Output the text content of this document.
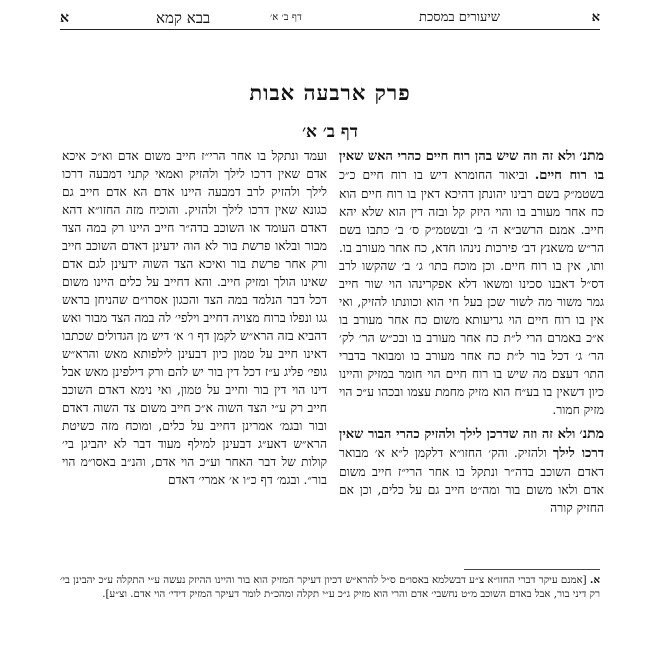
א
שיעורים במסכת
דף ב׳ א׳
בבא קמא
א
פרק ארבעה אבות
דף ב׳ א׳

מתנ׳ ולא זה וזה שיש בהן רוח חיים כהרי האש שאין בו רוח חיים. וביאור החומרא דיש בו רוח חיים כ״כ בשטמ״ק בשם רבינו יהונתן דהיכא דאין בו רוח חיים הוא כח אחר מעורב בו והוי היזק קל ובזה דין הוא שלא יהא חייב. אמנם הרשב״א ה׳ ב׳ ובשטמ״ק ס׳ ב׳ כתבו בשם הר״ש משאנץ דב׳ פירכות נינהו חדא, כח אחר מעורב בו. ותו, אין בו רוח חיים. וכן מוכח בתו׳ ג׳ ב׳ שהקשו לרב דס״ל דאבנו סכינו ומשאו דלא אפקרינהו הוי שור חייב גמר משור מה לשור שכן בעל חי הוא וכוונתו להזיק, ואי אין בו רוח חיים הוי גריעותא משום כח אחר מעורב בו א״כ באמרם הרי ל״ת כח אחר מעורב בו ובכ״ש הר׳ לק׳ הר׳ ג׳ דכל בור ל״ת כח אחר מעורב בו ומבואר בדברי התו׳ דעצם מה שיש בו רוח חיים הוי חומר במזיק והיינו כיון דשאין בו בע״ח הוא מזיק מחמת עצמו ובכהו ע״כ הוי מזיק חמור.

מתנ׳ ולא זה וזה שדרכן לילך ולהזיק כהרי הבור שאין דרכו לילך ולהזיק. והק׳ החזו״א דלקמן ל״א א׳ מבואר דאדם השוכב בדה״ר ונתקל בו אחר הרי״ז חייב משום אדם ולאו משום בור ומה״ט חייב גם על כלים, וכן אם החזיק קורה

ועמד ונתקל בו אחר הרי״ז חייב משום אדם וא״כ איכא אדם שאין דרכו לילך ולהזיק ואמאי קתני דמבעה דרכו לילך ולהזיק לרב דמבעה היינו אדם הא אדם חייב גם כגונא שאין דרכו לילך ולהזיק. והוכיח מזה החזו״א דהא דאדם העומד או השוכב בדה״ר חייב היינו רק במה הצד מבור ובלאו פרשת בור לא הוה ידעינן דאדם השוכב חייב ורק אחר פרשת בור ואיכא הצד השוה ידעינן לגם אדם שאינו הולך ומזיק חייב. והא דחייב על כלים היינו משום דכל דבר הנלמד במה הצד והכגון אסרו״ם שהניחן בראש גגו ונפלו ברוח מצויה דחייב וילפי׳ לה במה הצד מבור ואש דהביא בזה הרא״ש לקמן דף ו׳ א׳ דיש מן הגדולים שכתבו דאינו חייב על טמון כיון דבעינן לילפותא מאש והרא״ש גופי׳ פליג ע״ז דכל דין בור יש להם ורק דילפינן מאש אבל דינו הוי דין בור וחייב על טמון, ואי נימא דאדם השוכב חייב רק ע״י הצד השוה א״כ חייב משום צד השוה דאדם ובור ובגמ׳ אמרינן דחייב על כלים, ומוכח מזה כשיטת הרא״ש דאע״ג דבעינן למילף מעוד דבר לא יהביגן בי׳ קולות של דבר האחר וע״כ הוי אדם, והנ״ב באסו״מ הוי בור״. ובגמ׳ דף כ״ו א׳ אמרי׳ דאדם

א. [אמנם עיקר דברי החזו״א צ״ע דבשלמא באסו״ם ס״ל להרא״ש דכיון דעיקר המזיק הוא בור והיינו ההיזק נעשה ע״י התקלה ע״כ יהבינן בי׳ רק דיני בור, אבל באדם השוכב מ״ט נחשבי׳ אדם והרי הוא מזיק ג״כ ע״י תקלה ומהכ״ת לומר דעיקר המזיק דידי׳ הוי אדם. וצ״ע].
